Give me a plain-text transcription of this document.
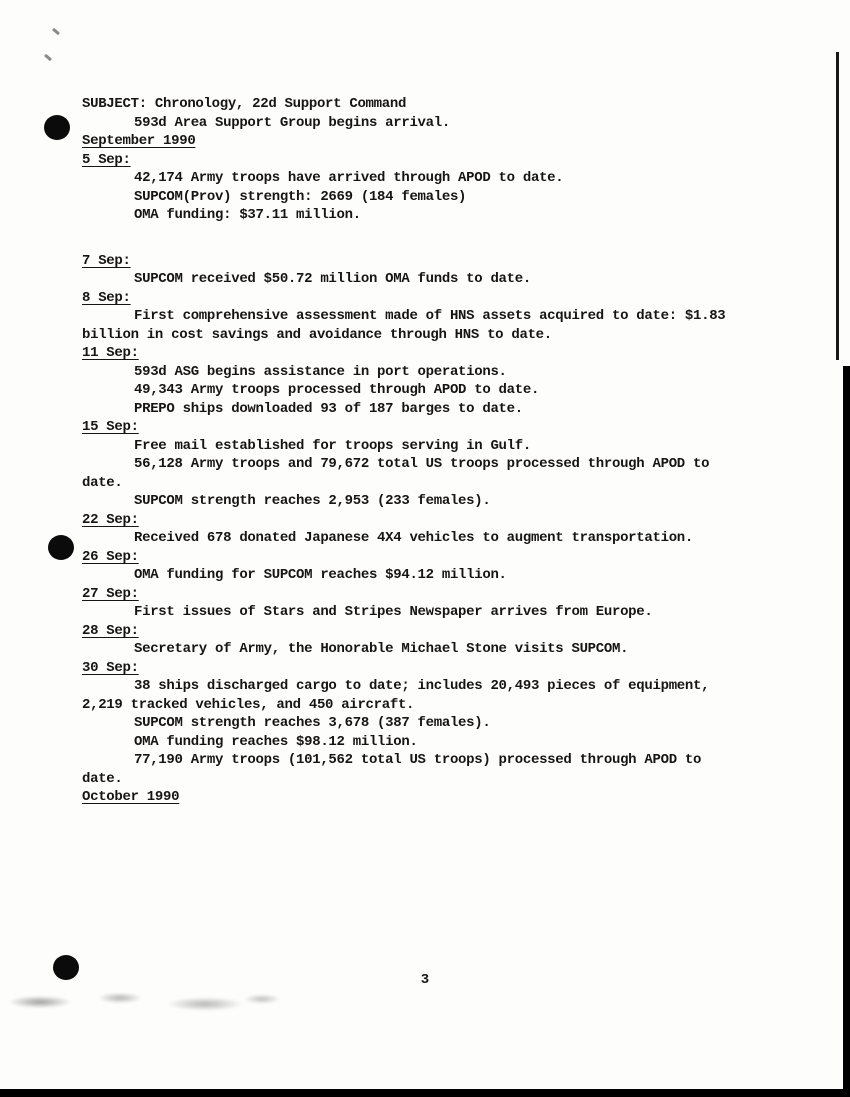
SUBJECT: Chronology, 22d Support Command

593d Area Support Group begins arrival.

September 1990

5 Sep:

42,174 Army troops have arrived through APOD to date.

SUPCOM(Prov) strength: 2669 (184 females)

OMA funding: $37.11 million.

7 Sep:

SUPCOM received $50.72 million OMA funds to date.

8 Sep:

First comprehensive assessment made of HNS assets acquired to date: $1.83

billion in cost savings and avoidance through HNS to date.

11 Sep:

593d ASG begins assistance in port operations.

49,343 Army troops processed through APOD to date.

PREPO ships downloaded 93 of 187 barges to date.

15 Sep:

Free mail established for troops serving in Gulf.

56,128 Army troops and 79,672 total US troops processed through APOD to

date.

SUPCOM strength reaches 2,953 (233 females).

22 Sep:

Received 678 donated Japanese 4X4 vehicles to augment transportation.

26 Sep:

OMA funding for SUPCOM reaches $94.12 million.

27 Sep:

First issues of Stars and Stripes Newspaper arrives from Europe.

28 Sep:

Secretary of Army, the Honorable Michael Stone visits SUPCOM.

30 Sep:

38 ships discharged cargo to date; includes 20,493 pieces of equipment,

2,219 tracked vehicles, and 450 aircraft.

SUPCOM strength reaches 3,678 (387 females).

OMA funding reaches $98.12 million.

77,190 Army troops (101,562 total US troops) processed through APOD to

date.

October 1990

3
